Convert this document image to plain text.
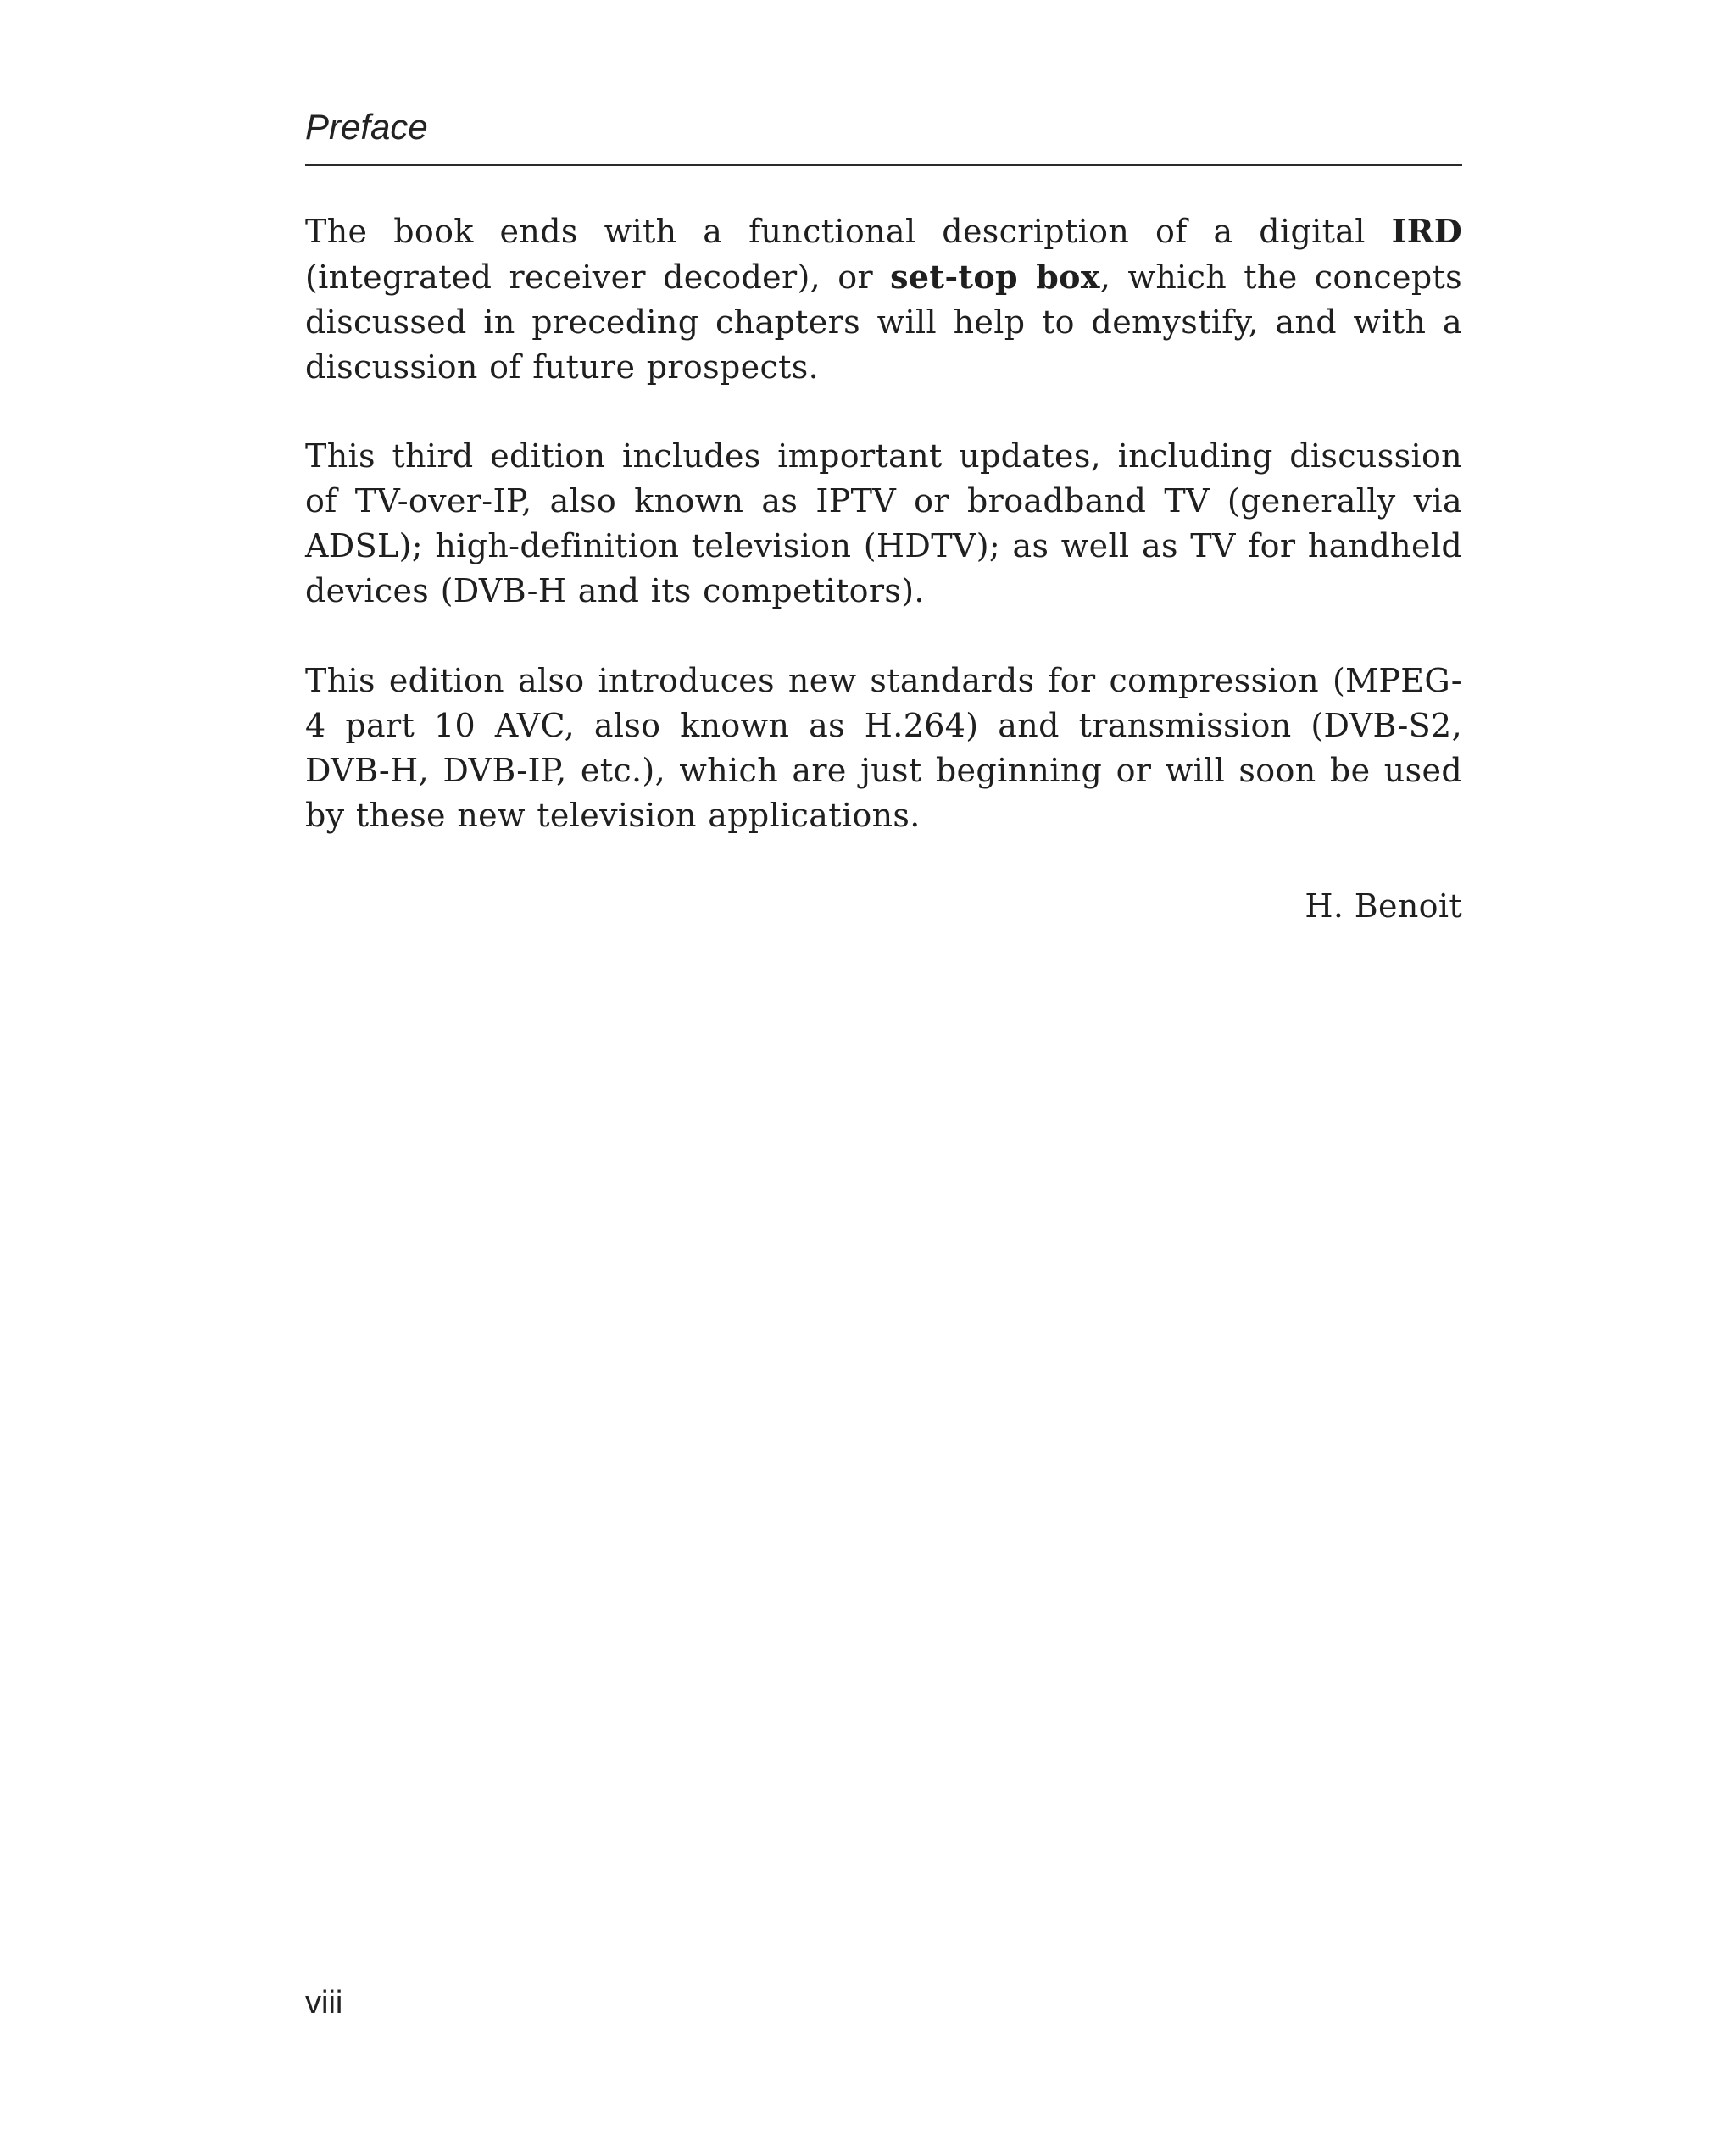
Preface

The book ends with a functional description of a digital IRD (integrated receiver decoder), or set-top box, which the concepts discussed in preceding chapters will help to demystify, and with a discussion of future prospects.

This third edition includes important updates, including discussion of TV-over-IP, also known as IPTV or broadband TV (generally via ADSL); high-definition television (HDTV); as well as TV for handheld devices (DVB-H and its competitors).

This edition also introduces new standards for compression (MPEG-4 part 10 AVC, also known as H.264) and transmission (DVB-S2, DVB-H, DVB-IP, etc.), which are just beginning or will soon be used by these new television applications.

H. Benoit
viii
